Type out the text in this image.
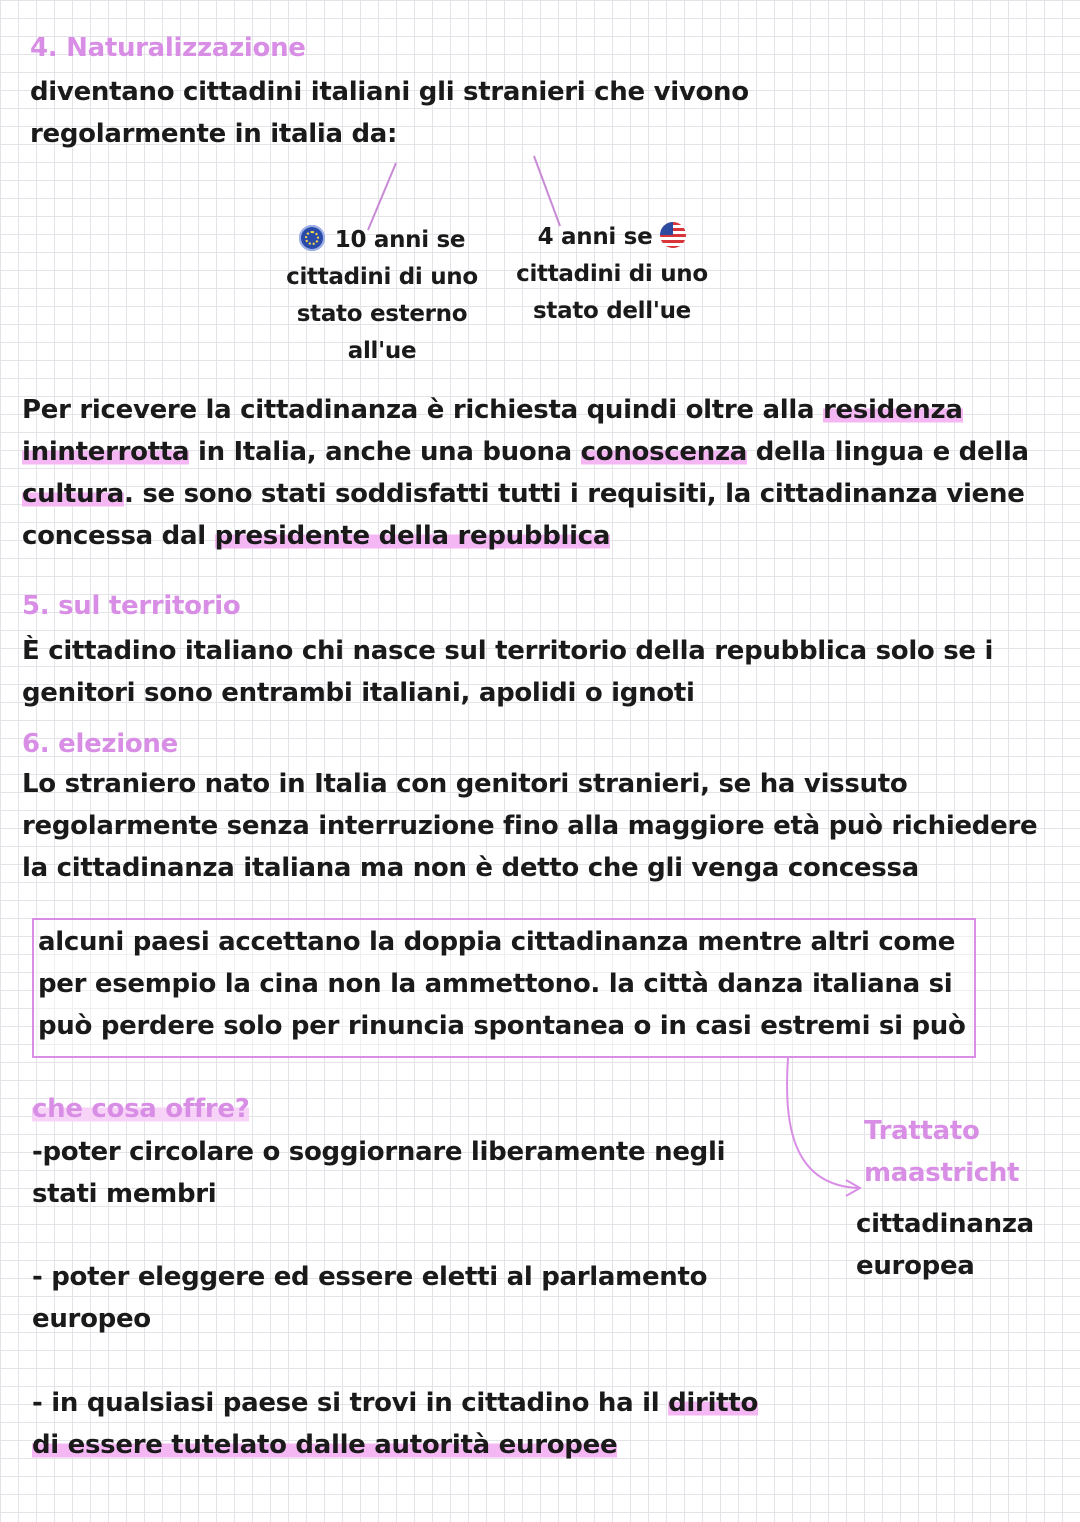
4. Naturalizzazione
diventano cittadini italiani gli stranieri che vivono
regolarmente in italia da:
10 anni se
cittadini di uno
stato esterno
all'ue
4 anni se
cittadini di uno
stato dell'ue
Per ricevere la cittadinanza è richiesta quindi oltre alla residenza
ininterrotta in Italia, anche una buona conoscenza della lingua e della
cultura. se sono stati soddisfatti tutti i requisiti, la cittadinanza viene
concessa dal presidente della repubblica
5. sul territorio
È cittadino italiano chi nasce sul territorio della repubblica solo se i
genitori sono entrambi italiani, apolidi o ignoti
6. elezione
Lo straniero nato in Italia con genitori stranieri, se ha vissuto
regolarmente senza interruzione fino alla maggiore età può richiedere
la cittadinanza italiana ma non è detto che gli venga concessa
alcuni paesi accettano la doppia cittadinanza mentre altri come
per esempio la cina non la ammettono. la città danza italiana si
può perdere solo per rinuncia spontanea o in casi estremi si può
che cosa offre?
-poter circolare o soggiornare liberamente negli
stati membri
- poter eleggere ed essere eletti al parlamento
europeo
- in qualsiasi paese si trovi in cittadino ha il diritto
di essere tutelato dalle autorità europee
Trattato
maastricht
cittadinanza
europea
